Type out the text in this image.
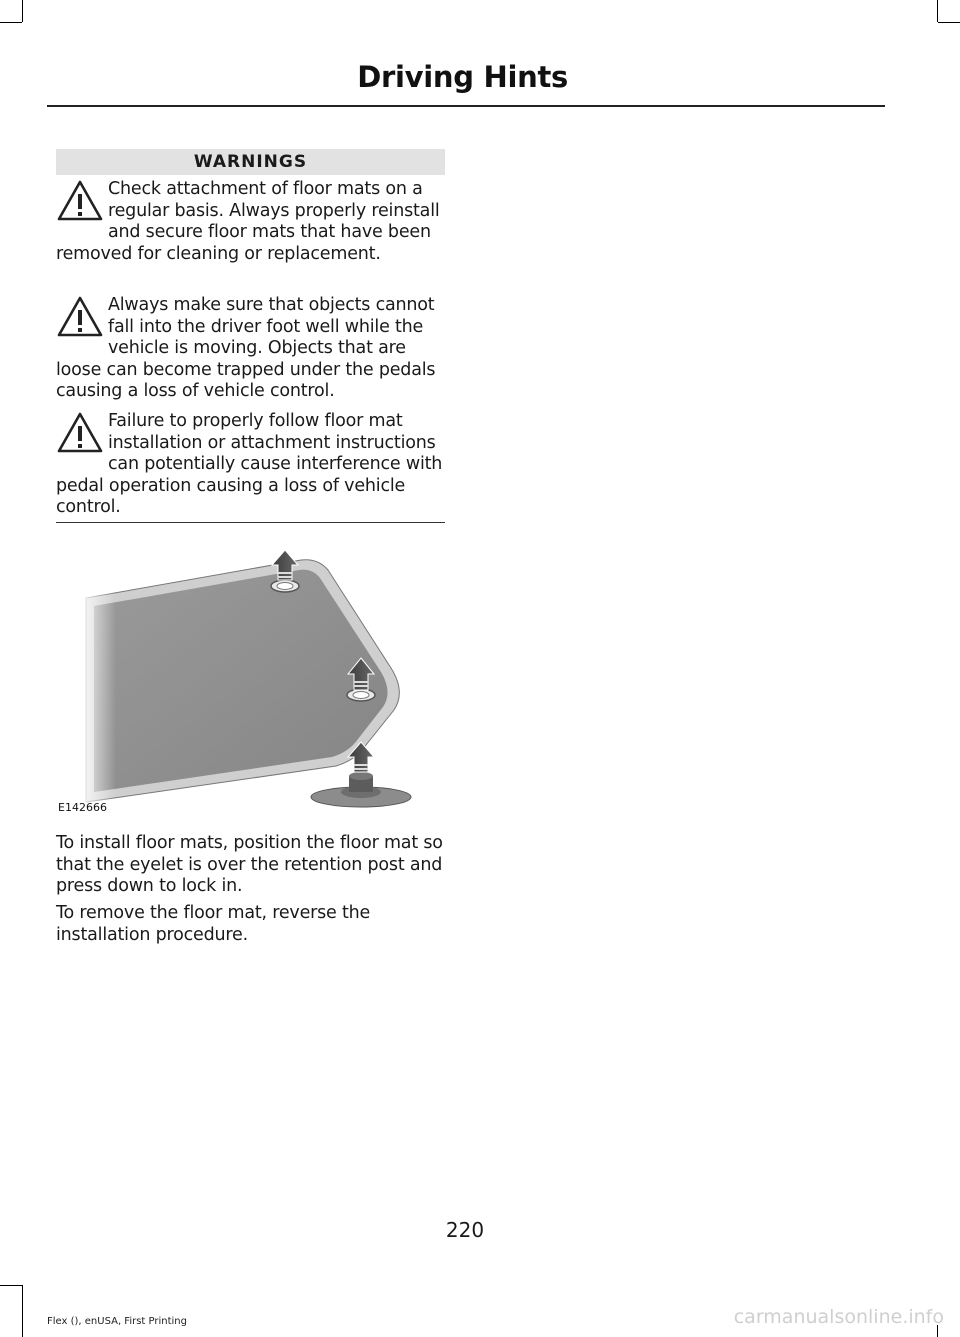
Driving Hints
WARNINGS
Check attachment of floor mats on a regular basis. Always properly reinstall and secure floor mats that have been removed for cleaning or replacement.
Always make sure that objects cannot fall into the driver foot well while the vehicle is moving. Objects that are loose can become trapped under the pedals causing a loss of vehicle control.
Failure to properly follow floor mat installation or attachment instructions can potentially cause interference with pedal operation causing a loss of vehicle control.
E142666

To install floor mats, position the floor mat so that the eyelet is over the retention post and press down to lock in.

To remove the floor mat, reverse the installation procedure.

220
Flex (), enUSA, First Printing	carmanualsonline.info
